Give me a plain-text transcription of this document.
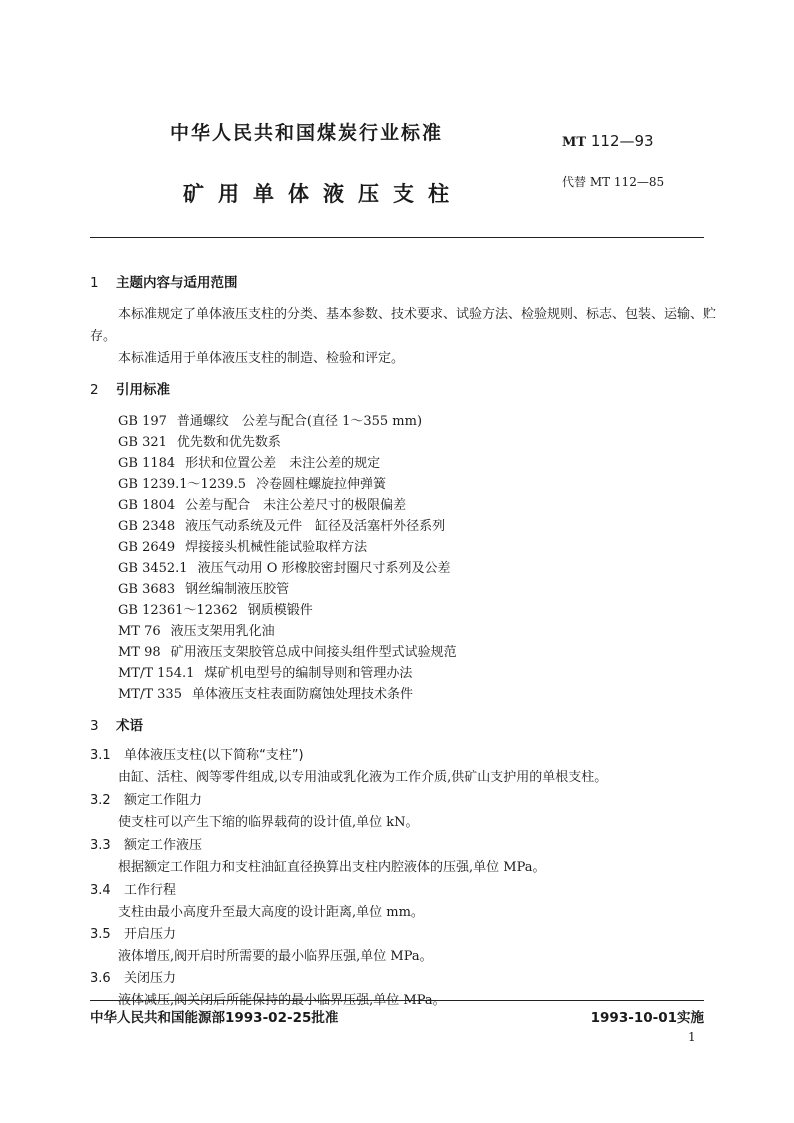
中华人民共和国煤炭行业标准	MT 112—93
矿用单体液压支柱	代替 MT 112—85
1 主题内容与适用范围
本标准规定了单体液压支柱的分类、基本参数、技术要求、试验方法、检验规则、标志、包装、运输、贮
存。
本标准适用于单体液压支柱的制造、检验和评定。
2 引用标准
GB 197 普通螺纹　公差与配合(直径 1～355 mm)
GB 321 优先数和优先数系
GB 1184 形状和位置公差　未注公差的规定
GB 1239.1～1239.5 冷卷圆柱螺旋拉伸弹簧
GB 1804 公差与配合　未注公差尺寸的极限偏差
GB 2348 液压气动系统及元件　缸径及活塞杆外径系列
GB 2649 焊接接头机械性能试验取样方法
GB 3452.1 液压气动用 O 形橡胶密封圈尺寸系列及公差
GB 3683 钢丝编制液压胶管
GB 12361～12362 钢质模锻件
MT 76 液压支架用乳化油
MT 98 矿用液压支架胶管总成中间接头组件型式试验规范
MT/T 154.1 煤矿机电型号的编制导则和管理办法
MT/T 335 单体液压支柱表面防腐蚀处理技术条件
3 术语
3.1 单体液压支柱(以下简称“支柱”)
由缸、活柱、阀等零件组成,以专用油或乳化液为工作介质,供矿山支护用的单根支柱。
3.2 额定工作阻力
使支柱可以产生下缩的临界载荷的设计值,单位 kN。
3.3 额定工作液压
根据额定工作阻力和支柱油缸直径换算出支柱内腔液体的压强,单位 MPa。
3.4 工作行程
支柱由最小高度升至最大高度的设计距离,单位 mm。
3.5 开启压力
液体增压,阀开启时所需要的最小临界压强,单位 MPa。
3.6 关闭压力
液体减压,阀关闭后所能保持的最小临界压强,单位 MPa。
中华人民共和国能源部1993-02-25批准	1993-10-01实施
1
